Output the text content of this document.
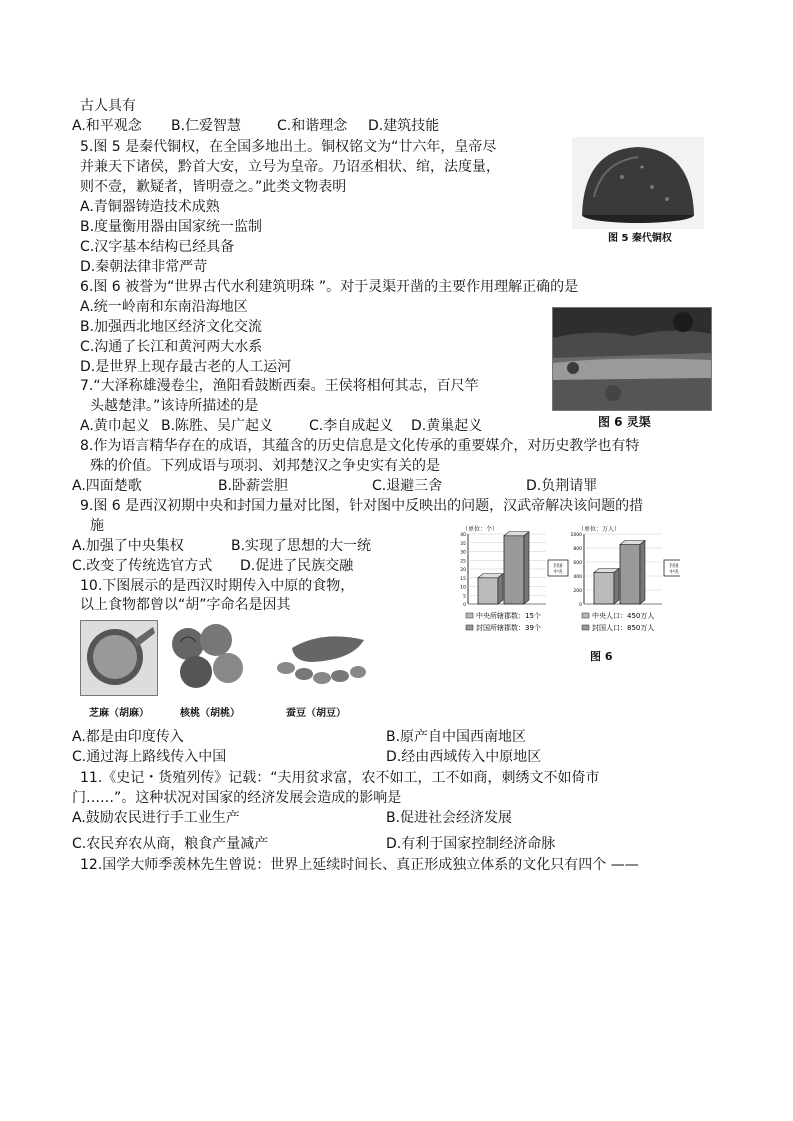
古人具有
A.和平观念 B.仁爱智慧	C.和谐理念 D.建筑技能
5.图 5 是秦代铜权，在全国多地出土。铜权铭文为“廿六年，皇帝尽
并兼天下诸侯，黔首大安，立号为皇帝。乃诏丞相状、绾，法度量，
则不壹，歉疑者，皆明壹之。”此类文物表明
A.青铜器铸造技术成熟
B.度量衡用器由国家统一监制
C.汉字基本结构已经具备
D.秦朝法律非常严苛
图 5 秦代铜权
6.图 6 被誉为“世界古代水利建筑明珠 ”。对于灵渠开凿的主要作用理解正确的是
A.统一岭南和东南沿海地区
B.加强西北地区经济文化交流
C.沟通了长江和黄河两大水系
D.是世界上现存最古老的人工运河
图 6 灵渠
7.“大泽称雄漫卷尘，渔阳看鼓断西秦。王侯将相何其志，百尺竿
头越楚津。”该诗所描述的是
A.黄巾起义 B.陈胜、吴广起义	C.李自成起义 D.黄巢起义
8.作为语言精华存在的成语，其蕴含的历史信息是文化传承的重要媒介，对历史教学也有特
殊的价值。下列成语与项羽、刘邦楚汉之争史实有关的是
A.四面楚歌	B.卧薪尝胆	C.退避三舍	D.负荆请罪
9.图 6 是西汉初期中央和封国力量对比图，针对图中反映出的问题，汉武帝解决该问题的措
施
A.加强了中央集权	B.实现了思想的大一统
C.改变了传统选官方式 D.促进了民族交融
（单位：个）
40
35
30
25
20
15
10
5
0
封国
中央
中央所辖郡数：15个
封国所辖郡数：39个
（单位：万人）
1000
800
600
400
200
0
封国
中央
中央人口：450万人
封国人口：850万人
图 6
10.下图展示的是西汉时期传入中原的食物，
以上食物都曾以“胡”字命名是因其
芝麻（胡麻）	核桃（胡桃）	蚕豆（胡豆）
A.都是由印度传入	B.原产自中国西南地区
C.通过海上路线传入中国	D.经由西域传入中原地区
11.《史记・货殖列传》记载：“夫用贫求富，农不如工，工不如商，刺绣文不如倚市
门……”。这种状况对国家的经济发展会造成的影响是
A.鼓励农民进行手工业生产	B.促进社会经济发展
C.农民弃农从商，粮食产量减产	D.有利于国家控制经济命脉
12.国学大师季羡林先生曾说：世界上延续时间长、真正形成独立体系的文化只有四个 ——
